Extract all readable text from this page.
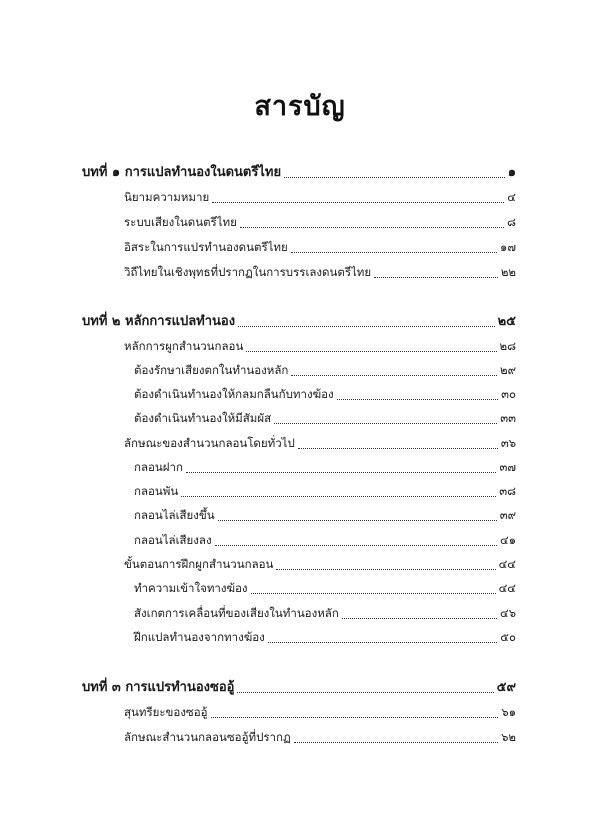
สารบัญ
บทที่ ๑ การแปลทำนองในดนตรีไทย	๑
นิยามความหมาย	๔
ระบบเสียงในดนตรีไทย	๘
อิสระในการแปรทำนองดนตรีไทย	๑๗
วิถีไทยในเชิงพุทธที่ปรากฏในการบรรเลงดนตรีไทย	๒๒
บทที่ ๒ หลักการแปลทำนอง	๒๕
หลักการผูกสำนวนกลอน	๒๘
ต้องรักษาเสียงตกในทำนองหลัก	๒๙
ต้องดำเนินทำนองให้กลมกลืนกับทางฆ้อง	๓๐
ต้องดำเนินทำนองให้มีสัมผัส	๓๓
ลักษณะของสำนวนกลอนโดยทั่วไป	๓๖
กลอนฝาก	๓๗
กลอนพัน	๓๘
กลอนไล่เสียงขึ้น	๓๙
กลอนไล่เสียงลง	๔๑
ขั้นตอนการฝึกผูกสำนวนกลอน	๔๔
ทำความเข้าใจทางฆ้อง	๔๔
สังเกตการเคลื่อนที่ของเสียงในทำนองหลัก	๔๖
ฝึกแปลทำนองจากทางฆ้อง	๕๐
บทที่ ๓ การแปรทำนองซออู้	๕๙
สุนทรียะของซออู้	๖๑
ลักษณะสำนวนกลอนซออู้ที่ปรากฏ	๖๒
